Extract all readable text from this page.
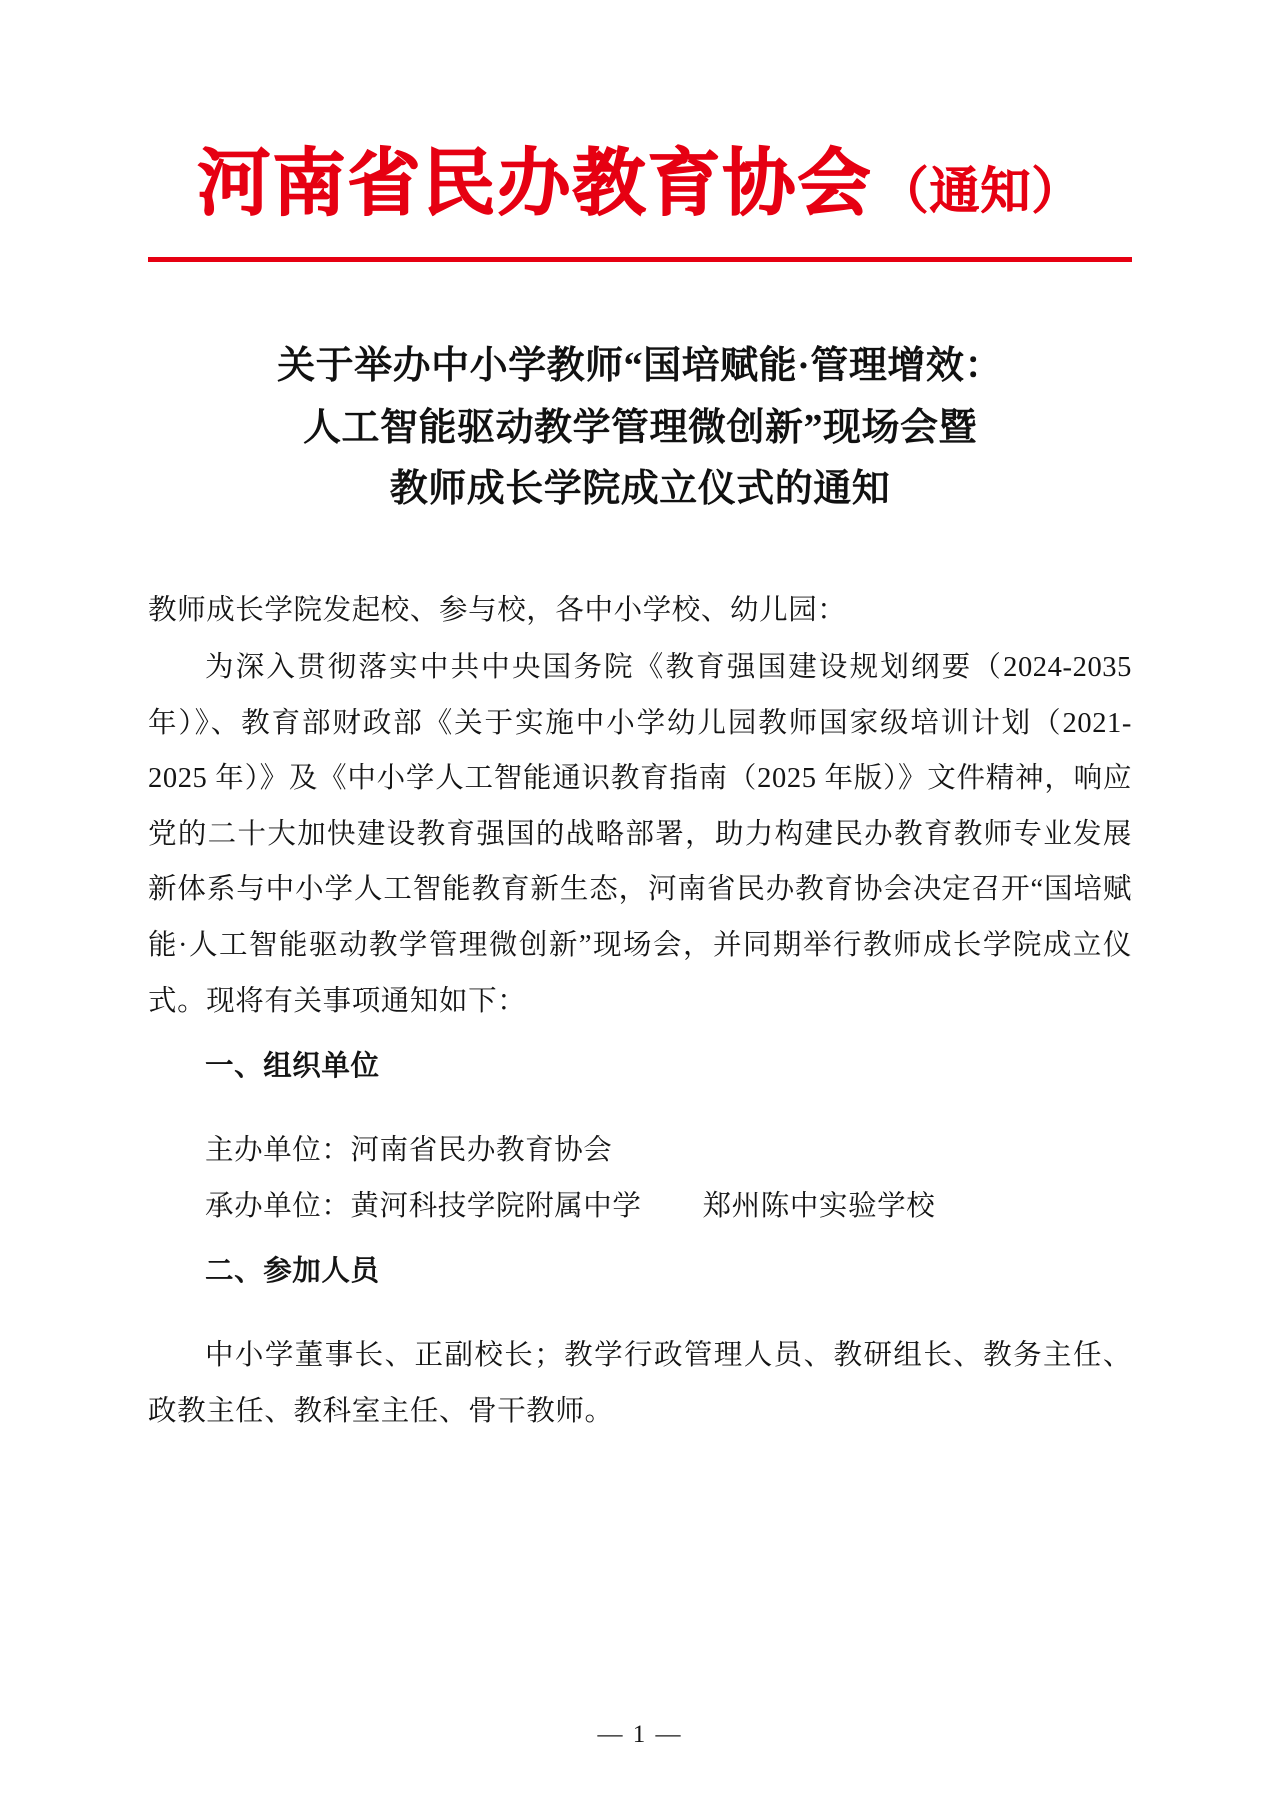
河南省民办教育协会 （通知）
关于举办中小学教师“国培赋能·管理增效：
人工智能驱动教学管理微创新”现场会暨
教师成长学院成立仪式的通知

教师成长学院发起校、参与校，各中小学校、幼儿园：

为深入贯彻落实中共中央国务院《教育强国建设规划纲要（2024-2035 年）》、教育部财政部《关于实施中小学幼儿园教师国家级培训计划（2021-2025 年）》及《中小学人工智能通识教育指南（2025 年版）》文件精神，响应党的二十大加快建设教育强国的战略部署，助力构建民办教育教师专业发展新体系与中小学人工智能教育新生态，河南省民办教育协会决定召开“国培赋能·人工智能驱动教学管理微创新”现场会，并同期举行教师成长学院成立仪式。现将有关事项通知如下：

一、组织单位

主办单位：河南省民办教育协会

承办单位：黄河科技学院附属中学 郑州陈中实验学校

二、参加人员

中小学董事长、正副校长；教学行政管理人员、教研组长、教务主任、政教主任、教科室主任、骨干教师。

— 1 —
